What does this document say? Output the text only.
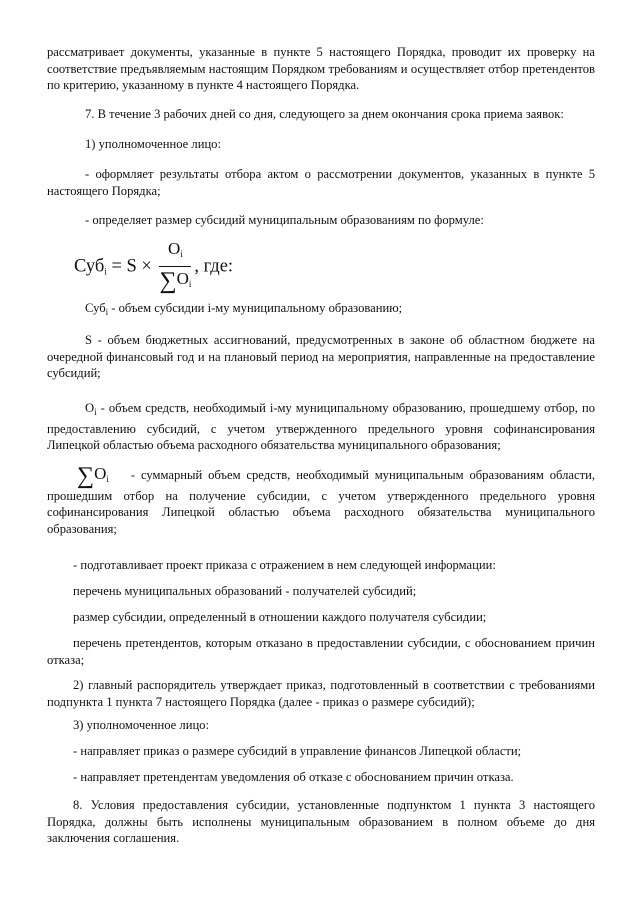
рассматривает документы, указанные в пункте 5 настоящего Порядка, проводит их проверку на соответствие предъявляемым настоящим Порядком требованиям и осуществляет отбор претендентов по критерию, указанному в пункте 4 настоящего Порядка.

7. В течение 3 рабочих дней со дня, следующего за днем окончания срока приема заявок:

1) уполномоченное лицо:

- оформляет результаты отбора актом о рассмотрении документов, указанных в пункте 5 настоящего Порядка;

- определяет размер субсидий муниципальным образованиям по формуле:

$Суб_i = S \times \frac{O_i}{\sum O_i}$ , где:

Суб$_i$ - объем субсидии i-му муниципальному образованию;

S - объем бюджетных ассигнований, предусмотренных в законе об областном бюджете на очередной финансовый год и на плановый период на мероприятия, направленные на предоставление субсидий;

$O_i$ - объем средств, необходимый i-му муниципальному образованию, прошедшему отбор, по предоставлению субсидий, с учетом утвержденного предельного уровня софинансирования Липецкой областью объема расходного обязательства муниципального образования;

$\sum O_i$ - суммарный объем средств, необходимый муниципальным образованиям области, прошедшим отбор на получение субсидии, с учетом утвержденного предельного уровня софинансирования Липецкой областью объема расходного обязательства муниципального образования;

- подготавливает проект приказа с отражением в нем следующей информации:

перечень муниципальных образований - получателей субсидий;

размер субсидии, определенный в отношении каждого получателя субсидии;

перечень претендентов, которым отказано в предоставлении субсидии, с обоснованием причин отказа;

2) главный распорядитель утверждает приказ, подготовленный в соответствии с требованиями подпункта 1 пункта 7 настоящего Порядка (далее - приказ о размере субсидий);

3) уполномоченное лицо:

- направляет приказ о размере субсидий в управление финансов Липецкой области;

- направляет претендентам уведомления об отказе с обоснованием причин отказа.

8. Условия предоставления субсидии, установленные подпунктом 1 пункта 3 настоящего Порядка, должны быть исполнены муниципальным образованием в полном объеме до дня заключения соглашения.
